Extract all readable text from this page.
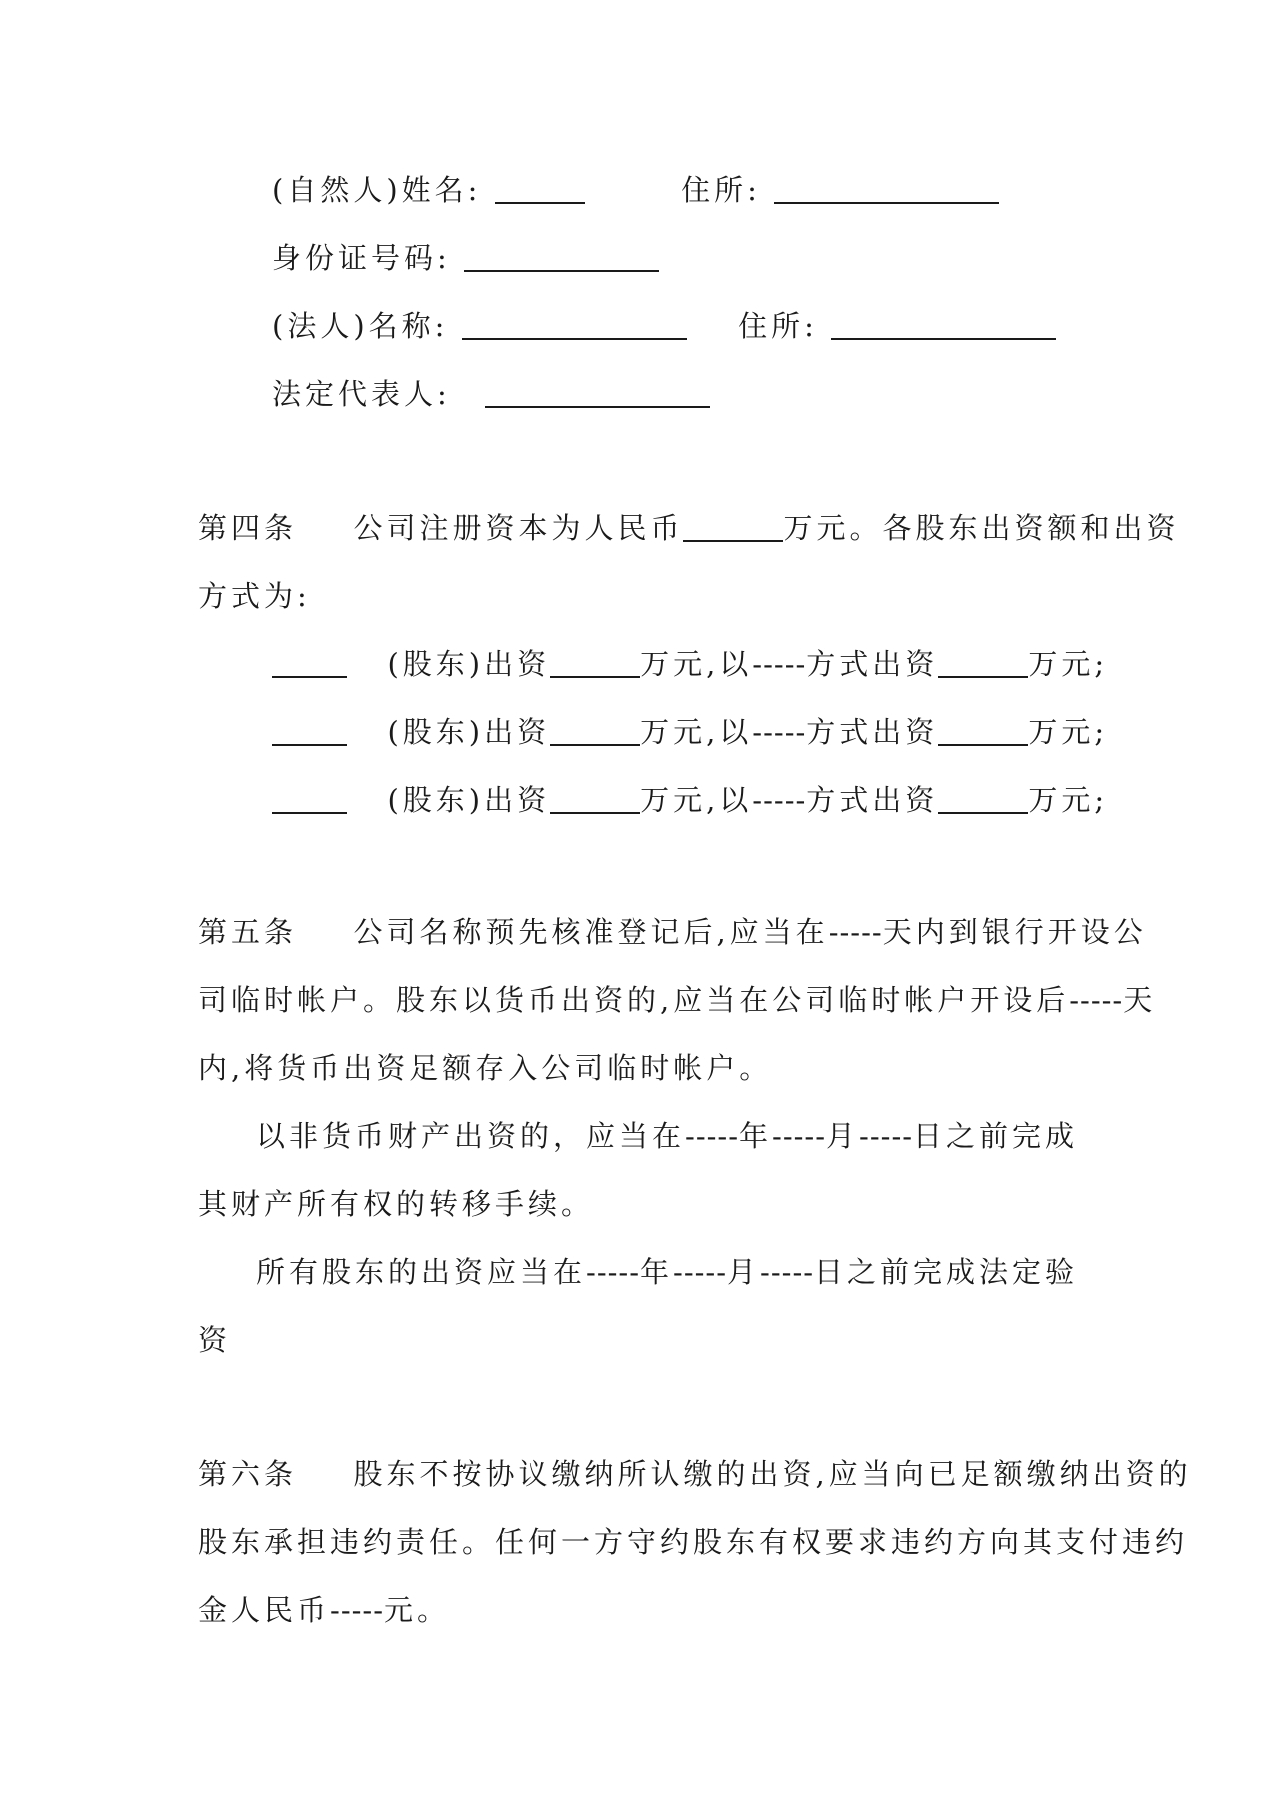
(自然人)姓名:	住所:
身份证号码:
(法人)名称:	住所:
法定代表人:
第四条 公司注册资本为人民币	万元。各股东出资额和出资
方式为:
(股东)出资	万元,以-----方式出资	万元;
(股东)出资	万元,以-----方式出资	万元;
(股东)出资	万元,以-----方式出资	万元;
第五条 公司名称预先核准登记后,应当在-----天内到银行开设公
司临时帐户。股东以货币出资的,应当在公司临时帐户开设后-----天
内,将货币出资足额存入公司临时帐户。
以非货币财产出资的，应当在-----年-----月-----日之前完成
其财产所有权的转移手续。
所有股东的出资应当在-----年-----月-----日之前完成法定验
资
第六条 股东不按协议缴纳所认缴的出资,应当向已足额缴纳出资的
股东承担违约责任。任何一方守约股东有权要求违约方向其支付违约
金人民币-----元。
